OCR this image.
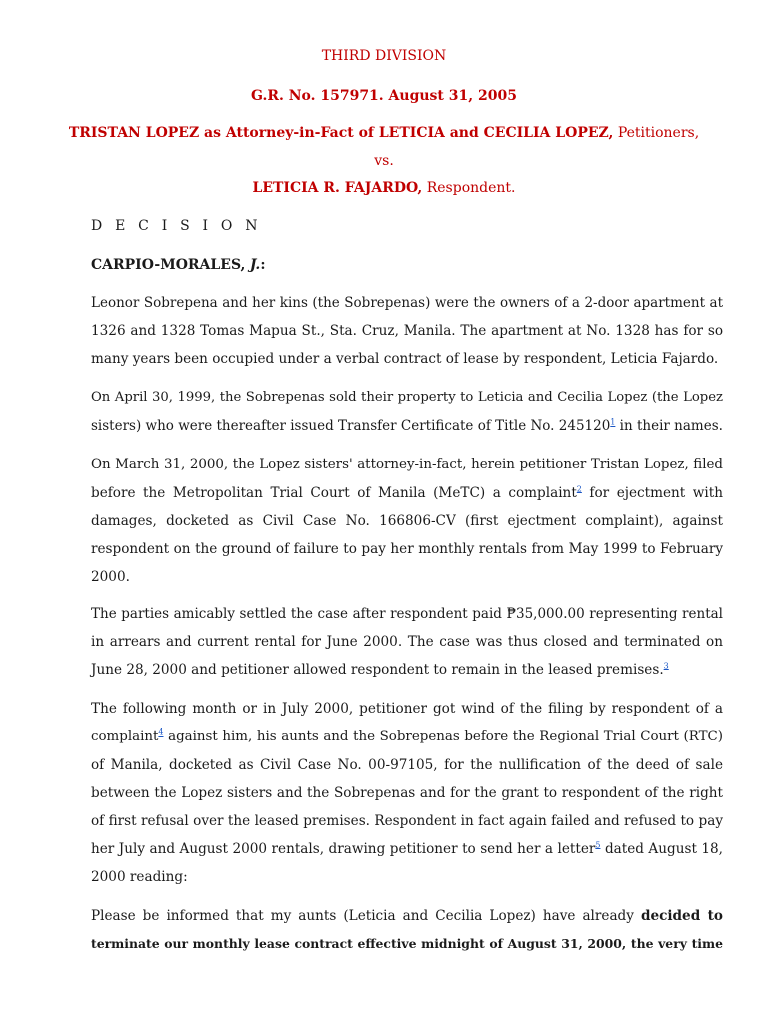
THIRD DIVISION
G.R. No. 157971. August 31, 2005
TRISTAN LOPEZ as Attorney-in-Fact of LETICIA and CECILIA LOPEZ, Petitioners,
vs.
LETICIA R. FAJARDO, Respondent.
D E C I S I O N
CARPIO-MORALES, J.:
Leonor Sobrepena and her kins (the Sobrepenas) were the owners of a 2-door apartment at
1326 and 1328 Tomas Mapua St., Sta. Cruz, Manila. The apartment at No. 1328 has for so
many years been occupied under a verbal contract of lease by respondent, Leticia Fajardo.
On April 30, 1999, the Sobrepenas sold their property to Leticia and Cecilia Lopez (the Lopez
sisters) who were thereafter issued Transfer Certificate of Title No. 245120$^1$ in their names.
On March 31, 2000, the Lopez sisters' attorney-in-fact, herein petitioner Tristan Lopez, filed
before the Metropolitan Trial Court of Manila (MeTC) a complaint$^2$ for ejectment with
damages, docketed as Civil Case No. 166806-CV (first ejectment complaint), against
respondent on the ground of failure to pay her monthly rentals from May 1999 to February
2000.
The parties amicably settled the case after respondent paid ₱35,000.00 representing rental
in arrears and current rental for June 2000. The case was thus closed and terminated on
June 28, 2000 and petitioner allowed respondent to remain in the leased premises.$^3$
The following month or in July 2000, petitioner got wind of the filing by respondent of a
complaint$^4$ against him, his aunts and the Sobrepenas before the Regional Trial Court (RTC)
of Manila, docketed as Civil Case No. 00-97105, for the nullification of the deed of sale
between the Lopez sisters and the Sobrepenas and for the grant to respondent of the right
of first refusal over the leased premises. Respondent in fact again failed and refused to pay
her July and August 2000 rentals, drawing petitioner to send her a letter$^5$ dated August 18,
2000 reading:
Please be informed that my aunts (Leticia and Cecilia Lopez) have already decided to
terminate our monthly lease contract effective midnight of August 31, 2000, the very time
